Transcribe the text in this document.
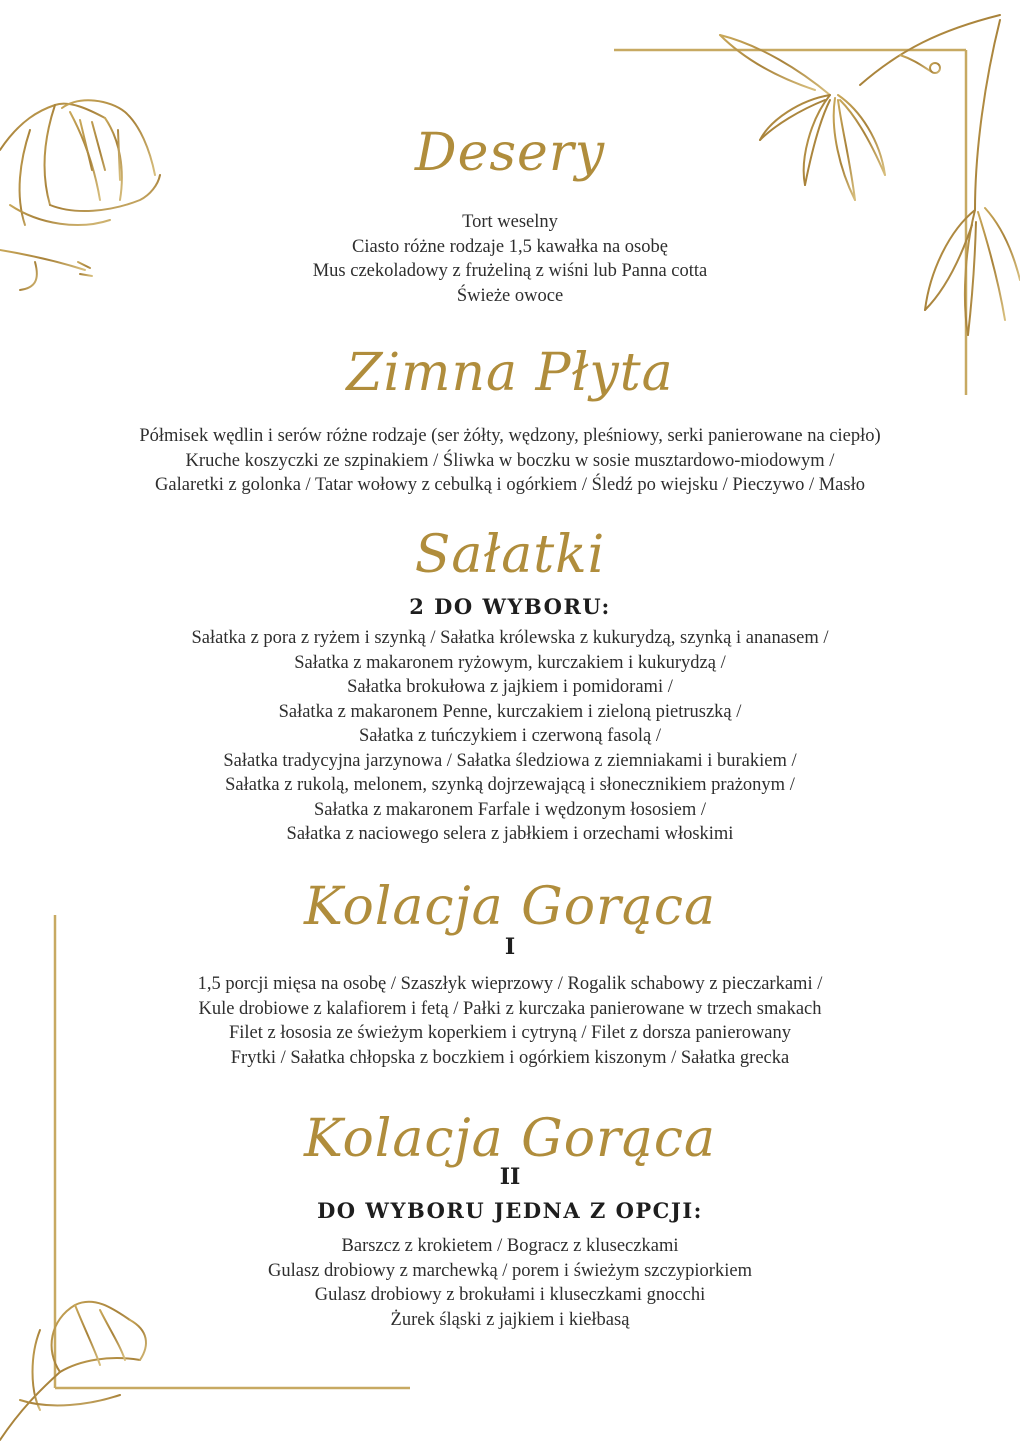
Desery

Tort weselny

Ciasto różne rodzaje 1,5 kawałka na osobę

Mus czekoladowy z frużeliną z wiśni lub Panna cotta

Świeże owoce

Zimna Płyta

Półmisek wędlin i serów różne rodzaje (ser żółty, wędzony, pleśniowy, serki panierowane na ciepło)

Kruche koszyczki ze szpinakiem / Śliwka w boczku w sosie musztardowo-miodowym /

Galaretki z golonka / Tatar wołowy z cebulką i ogórkiem / Śledź po wiejsku / Pieczywo / Masło

Sałatki

2 DO WYBORU:

Sałatka z pora z ryżem i szynką / Sałatka królewska z kukurydzą, szynką i ananasem /

Sałatka z makaronem ryżowym, kurczakiem i kukurydzą /

Sałatka brokułowa z jajkiem i pomidorami /

Sałatka z makaronem Penne, kurczakiem i zieloną pietruszką /

Sałatka z tuńczykiem i czerwoną fasolą /

Sałatka tradycyjna jarzynowa / Sałatka śledziowa z ziemniakami i burakiem /

Sałatka z rukolą, melonem, szynką dojrzewającą i słonecznikiem prażonym /

Sałatka z makaronem Farfale i wędzonym łososiem /

Sałatka z naciowego selera z jabłkiem i orzechami włoskimi

Kolacja Gorąca

I

1,5 porcji mięsa na osobę / Szaszłyk wieprzowy / Rogalik schabowy z pieczarkami /

Kule drobiowe z kalafiorem i fetą / Pałki z kurczaka panierowane w trzech smakach

Filet z łososia ze świeżym koperkiem i cytryną / Filet z dorsza panierowany

Frytki / Sałatka chłopska z boczkiem i ogórkiem kiszonym / Sałatka grecka

Kolacja Gorąca

II

DO WYBORU JEDNA Z OPCJI:

Barszcz z krokietem / Bogracz z kluseczkami

Gulasz drobiowy z marchewką / porem i świeżym szczypiorkiem

Gulasz drobiowy z brokułami i kluseczkami gnocchi

Żurek śląski z jajkiem i kiełbasą
